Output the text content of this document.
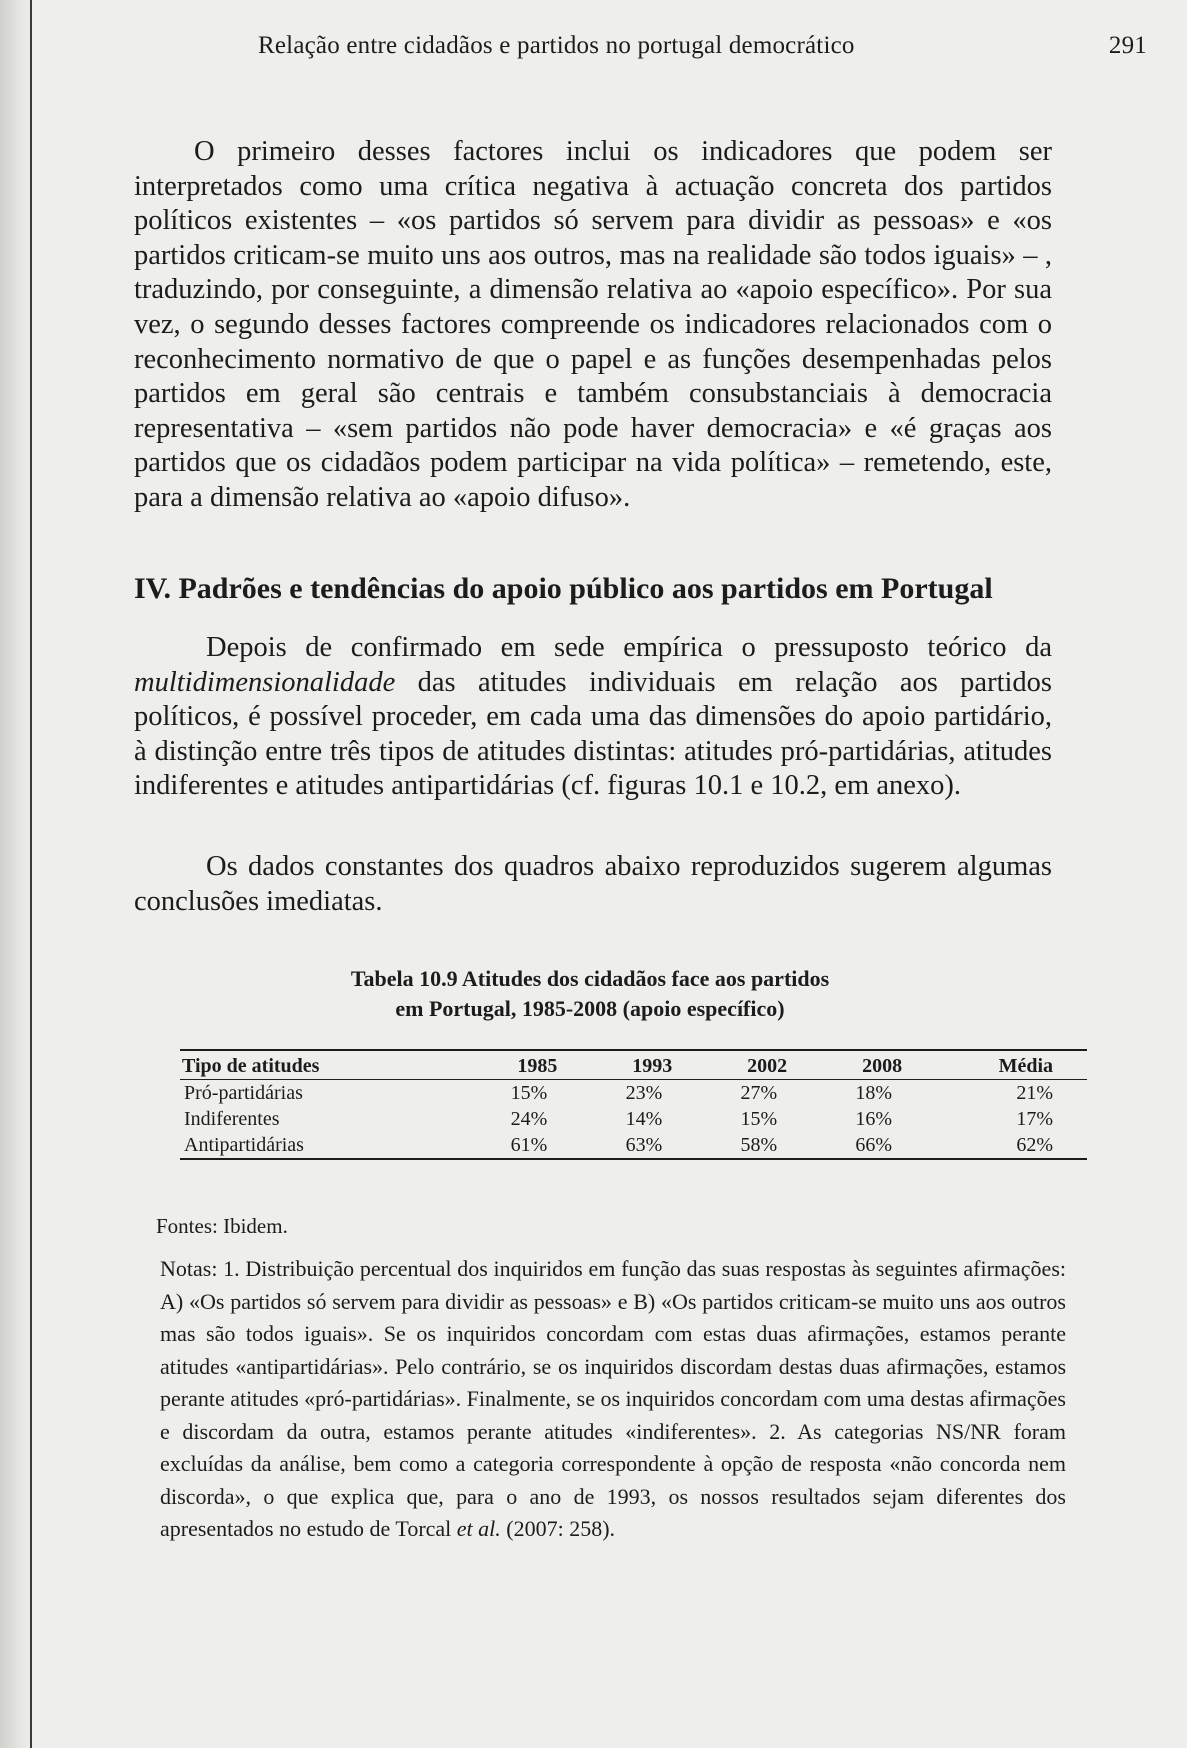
Relação entre cidadãos e partidos no portugal democrático	291

O primeiro desses factores inclui os indicadores que podem ser interpretados como uma crítica negativa à actuação concreta dos partidos políticos existentes – «os partidos só servem para dividir as pessoas» e «os partidos criticam-se muito uns aos outros, mas na realidade são todos iguais» – , traduzindo, por conseguinte, a dimensão relativa ao «apoio específico». Por sua vez, o segundo desses factores compreende os indicadores relacionados com o reconhecimento normativo de que o papel e as funções desempenhadas pelos partidos em geral são centrais e também consubstanciais à democracia representativa – «sem partidos não pode haver democracia» e «é graças aos partidos que os cidadãos podem participar na vida política» – remetendo, este, para a dimensão relativa ao «apoio difuso».

IV. Padrões e tendências do apoio público aos partidos em Portugal

Depois de confirmado em sede empírica o pressuposto teórico da multidimensionalidade das atitudes individuais em relação aos partidos políticos, é possível proceder, em cada uma das dimensões do apoio partidário, à distinção entre três tipos de atitudes distintas: atitudes pró-partidárias, atitudes indiferentes e atitudes antipartidárias (cf. figuras 10.1 e 10.2, em anexo).

Os dados constantes dos quadros abaixo reproduzidos sugerem algumas conclusões imediatas.

Tabela 10.9 Atitudes dos cidadãos face aos partidos
em Portugal, 1985-2008 (apoio específico)
Tipo de atitudes	1985	1993	2002	2008	Média
Pró-partidárias	15%	23%	27%	18%	21%
Indiferentes	24%	14%	15%	16%	17%
Antipartidárias	61%	63%	58%	66%	62%
Fontes: Ibidem.

Notas: 1. Distribuição percentual dos inquiridos em função das suas respostas às seguintes afirmações: A) «Os partidos só servem para dividir as pessoas» e B) «Os partidos criticam-se muito uns aos outros mas são todos iguais». Se os inquiridos concordam com estas duas afirmações, estamos perante atitudes «antipartidárias». Pelo contrário, se os inquiridos discordam destas duas afirmações, estamos perante atitudes «pró-partidárias». Finalmente, se os inquiridos concordam com uma destas afirmações e discordam da outra, estamos perante atitudes «indiferentes». 2. As categorias NS/NR foram excluídas da análise, bem como a categoria correspondente à opção de resposta «não concorda nem discorda», o que explica que, para o ano de 1993, os nossos resultados sejam diferentes dos apresentados no estudo de Torcal et al. (2007: 258).
